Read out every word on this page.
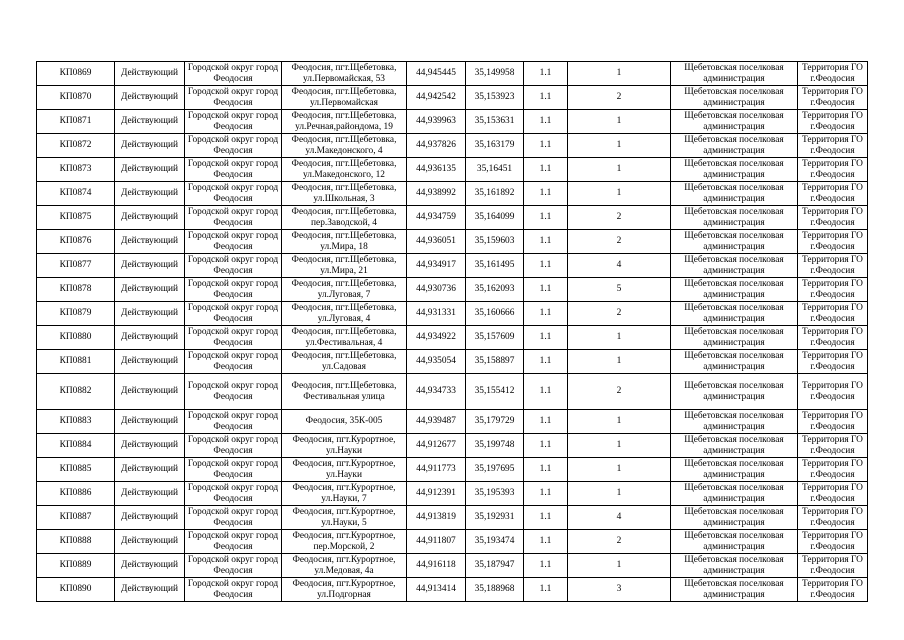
КП0869	Действующий	Городской округ город Феодосия	Феодосия, пгт.Щебетовка, ул.Первомайская, 53	44,945445	35,149958	1.1	1	Щебетовская поселковая администрация	Территория ГО г.Феодосия
КП0870	Действующий	Городской округ город Феодосия	Феодосия, пгт.Щебетовка, ул.Первомайская	44,942542	35,153923	1.1	2	Щебетовская поселковая администрация	Территория ГО г.Феодосия
КП0871	Действующий	Городской округ город Феодосия	Феодосия, пгт.Щебетовка, ул.Речная,районд​ома, 19	44,939963	35,153631	1.1	1	Щебетовская поселковая администрация	Территория ГО г.Феодосия
КП0872	Действующий	Городской округ город Феодосия	Феодосия, пгт.Щебетовка, ул.Македонского, 4	44,937826	35,163179	1.1	1	Щебетовская поселковая администрация	Территория ГО г.Феодосия
КП0873	Действующий	Городской округ город Феодосия	Феодосия, пгт.Щебетовка, ул.Македонского, 12	44,936135	35,16451	1.1	1	Щебетовская поселковая администрация	Территория ГО г.Феодосия
КП0874	Действующий	Городской округ город Феодосия	Феодосия, пгт.Щебетовка, ул.Школьная, 3	44,938992	35,161892	1.1	1	Щебетовская поселковая администрация	Территория ГО г.Феодосия
КП0875	Действующий	Городской округ город Феодосия	Феодосия, пгт.Щебетовка, пер.Заводской, 4	44,934759	35,164099	1.1	2	Щебетовская поселковая администрация	Территория ГО г.Феодосия
КП0876	Действующий	Городской округ город Феодосия	Феодосия, пгт.Щебетовка, ул.Мира, 18	44,936051	35,159603	1.1	2	Щебетовская поселковая администрация	Территория ГО г.Феодосия
КП0877	Действующий	Городской округ город Феодосия	Феодосия, пгт.Щебетовка, ул.Мира, 21	44,934917	35,161495	1.1	4	Щебетовская поселковая администрация	Территория ГО г.Феодосия
КП0878	Действующий	Городской округ город Феодосия	Феодосия, пгт.Щебетовка, ул.Луговая, 7	44,930736	35,162093	1.1	5	Щебетовская поселковая администрация	Территория ГО г.Феодосия
КП0879	Действующий	Городской округ город Феодосия	Феодосия, пгт.Щебетовка, ул.Луговая, 4	44,931331	35,160666	1.1	2	Щебетовская поселковая администрация	Территория ГО г.Феодосия
КП0880	Действующий	Городской округ город Феодосия	Феодосия, пгт.Щебетовка, ул.Фестивальная, 4	44,934922	35,157609	1.1	1	Щебетовская поселковая администрация	Территория ГО г.Феодосия
КП0881	Действующий	Городской округ город Феодосия	Феодосия, пгт.Щебетовка, ул.Садовая	44,935054	35,158897	1.1	1	Щебетовская поселковая администрация	Территория ГО г.Феодосия
КП0882	Действующий	Городской округ город Феодосия	Феодосия, пгт.Щебетовка, Фестивальная улица	44,934733	35,155412	1.1	2	Щебетовская поселковая администрация	Территория ГО г.Феодосия
КП0883	Действующий	Городской округ город Феодосия	Феодосия, 35К-005	44,939487	35,179729	1.1	1	Щебетовская поселковая администрация	Территория ГО г.Феодосия
КП0884	Действующий	Городской округ город Феодосия	Феодосия, пгт.Курортное, ул.Науки	44,912677	35,199748	1.1	1	Щебетовская поселковая администрация	Территория ГО г.Феодосия
КП0885	Действующий	Городской округ город Феодосия	Феодосия, пгт.Курортное, ул.Науки	44,911773	35,197695	1.1	1	Щебетовская поселковая администрация	Территория ГО г.Феодосия
КП0886	Действующий	Городской округ город Феодосия	Феодосия, пгт.Курортное, ул.Науки, 7	44,912391	35,195393	1.1	1	Щебетовская поселковая администрация	Территория ГО г.Феодосия
КП0887	Действующий	Городской округ город Феодосия	Феодосия, пгт.Курортное, ул.Науки, 5	44,913819	35,192931	1.1	4	Щебетовская поселковая администрация	Территория ГО г.Феодосия
КП0888	Действующий	Городской округ город Феодосия	Феодосия, пгт.Курортное, пер.Морской, 2	44,911807	35,193474	1.1	2	Щебетовская поселковая администрация	Территория ГО г.Феодосия
КП0889	Действующий	Городской округ город Феодосия	Феодосия, пгт.Курортное, ул.Медовая, 4а	44,916118	35,187947	1.1	1	Щебетовская поселковая администрация	Территория ГО г.Феодосия
КП0890	Действующий	Городской округ город Феодосия	Феодосия, пгт.Курортное, ул.Подгорная	44,913414	35,188968	1.1	3	Щебетовская поселковая администрация	Территория ГО г.Феодосия
